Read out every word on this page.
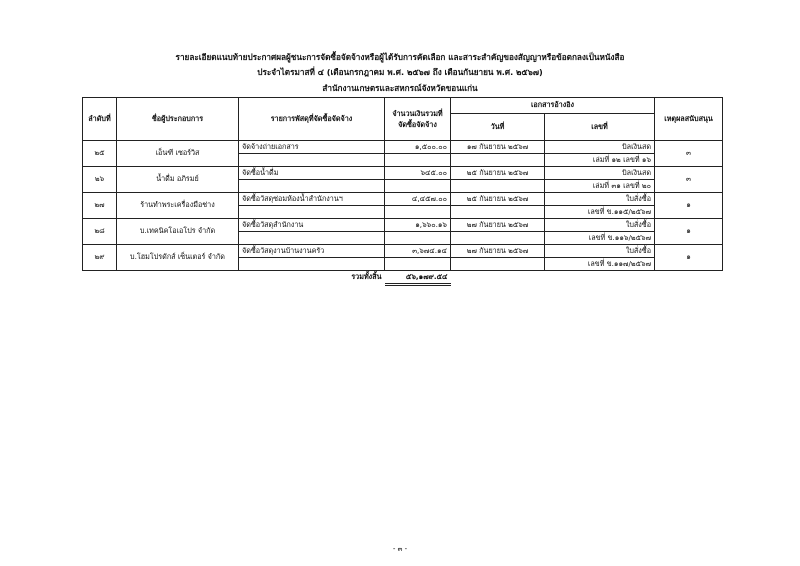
รายละเอียดแนบท้ายประกาศผลผู้ชนะการจัดซื้อจัดจ้างหรือผู้ได้รับการคัดเลือก และสาระสำคัญของสัญญาหรือข้อตกลงเป็นหนังสือ
ประจำไตรมาสที่ ๔ (เดือนกรกฎาคม พ.ศ. ๒๕๖๗ ถึง เดือนกันยายน พ.ศ. ๒๕๖๗)
สำนักงานเกษตรและสหกรณ์จังหวัดขอนแก่น
ลำดับที่	ชื่อผู้ประกอบการ	รายการพัสดุที่จัดซื้อจัดจ้าง	จำนวนเงินรวมที่จัดซื้อจัดจ้าง	เอกสารอ้างอิง		เหตุผลสนับสนุน
				วันที่	เลขที่	
๒๕	เอ็นฑี เซอร์วิส	จัดจ้างถ่ายเอกสาร	๑,๕๐๐.๐๐	๑๗ กันยายน ๒๕๖๗	บิลเงินสด	๓
					เล่มที่ ๑๒ เลขที่ ๑๖	
๒๖	น้ำดื่ม อภิรมย์	จัดซื้อน้ำดื่ม	๖๔๕.๐๐	๒๕ กันยายน ๒๕๖๗	บิลเงินสด	๓
					เล่มที่ ๓๑ เลขที่ ๒๐	
๒๗	ร้านทำพระเครื่องมือช่าง	จัดซื้อวัสดุซ่อมห้องน้ำสำนักงานฯ	๔,๔๕๗.๐๐	๒๕ กันยายน ๒๕๖๗	ใบสั่งซื้อ	๑
					เลขที่ ข.๑๑๕/๒๕๖๗	
๒๘	บ.เทคนิคโอเอโปร จำกัด	จัดซื้อวัสดุสำนักงาน	๑,๖๖๐.๑๖	๒๗ กันยายน ๒๕๖๗	ใบสั่งซื้อ	๑
					เลขที่ ข.๑๑๖/๒๕๖๗	
๒๙	บ.โฮมโปรดักส์ เซ็นเตอร์ จำกัด	จัดซื้อวัสดุงานบ้านงานครัว	๓,๖๗๔.๑๔	๒๗ กันยายน ๒๕๖๗	ใบสั่งซื้อ	๑
					เลขที่ ข.๑๑๗/๒๕๖๗	
		รวมทั้งสิ้น	๕๖,๑๗๙.๕๔			
- ๓ -
